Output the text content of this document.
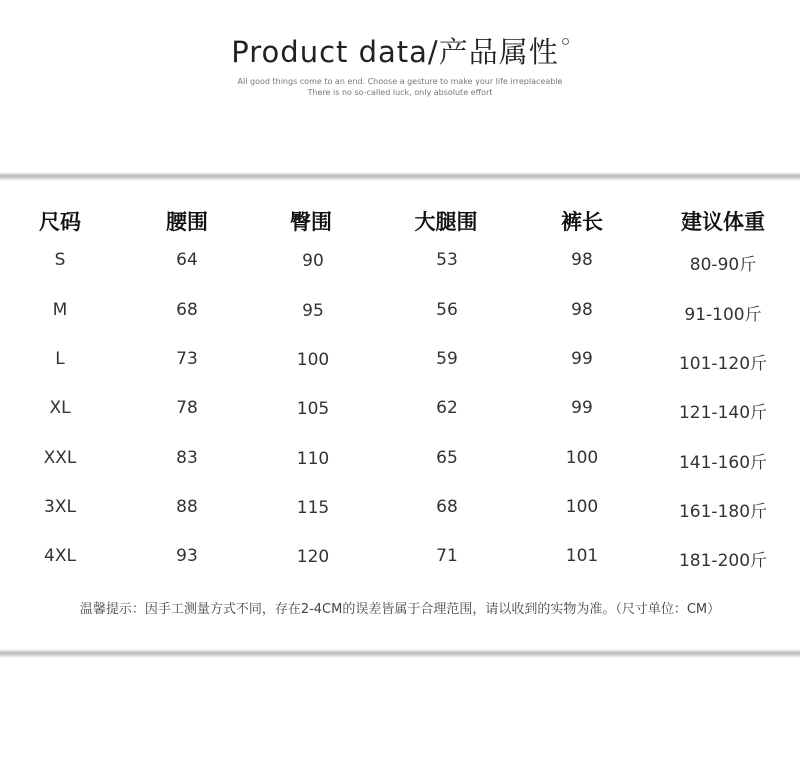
Product data/产品属性
All good things come to an end. Choose a gesture to make your life irreplaceable
There is no so-called luck, only absolute effort
尺码	腰围	臀围	大腿围	裤长	建议体重
S	64	90	53	98	80-90斤
M	68	95	56	98	91-100斤
L	73	100	59	99	101-120斤
XL	78	105	62	99	121-140斤
XXL	83	110	65	100	141-160斤
3XL	88	115	68	100	161-180斤
4XL	93	120	71	101	181-200斤
温馨提示：因手工测量方式不同，存在2-4CM的误差皆属于合理范围，请以收到的实物为准。（尺寸单位：CM）
